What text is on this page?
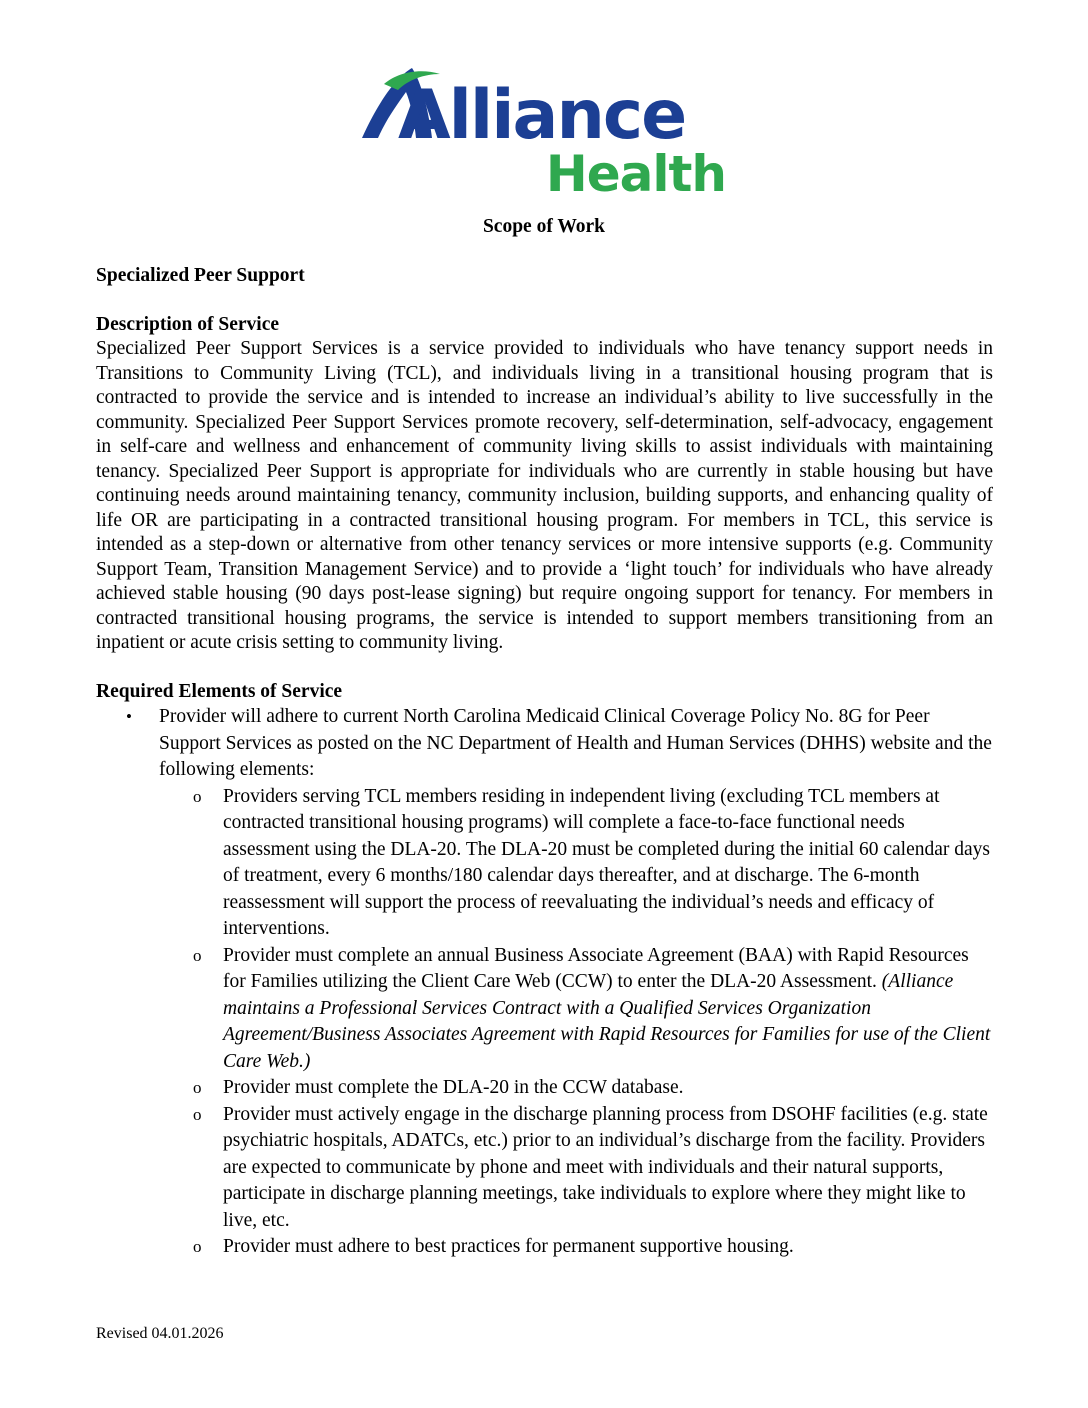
Alliance
Health
Scope of Work
Specialized Peer Support
Description of Service

Specialized Peer Support Services is a service provided to individuals who have tenancy support needs in Transitions to Community Living (TCL), and individuals living in a transitional housing program that is contracted to provide the service and is intended to increase an individual’s ability to live successfully in the community. Specialized Peer Support Services promote recovery, self-determination, self-advocacy, engagement in self-care and wellness and enhancement of community living skills to assist individuals with maintaining tenancy. Specialized Peer Support is appropriate for individuals who are currently in stable housing but have continuing needs around maintaining tenancy, community inclusion, building supports, and enhancing quality of life OR are participating in a contracted transitional housing program. For members in TCL, this service is intended as a step-down or alternative from other tenancy services or more intensive supports (e.g. Community Support Team, Transition Management Service) and to provide a ‘light touch’ for individuals who have already achieved stable housing (90 days post-lease signing) but require ongoing support for tenancy. For members in contracted transitional housing programs, the service is intended to support members transitioning from an inpatient or acute crisis setting to community living.

Required Elements of Service
•	Provider will adhere to current North Carolina Medicaid Clinical Coverage Policy No. 8G for Peer Support Services as posted on the NC Department of Health and Human Services (DHHS) website and the following elements:
o Providers serving TCL members residing in independent living (excluding TCL members at contracted transitional housing programs) will complete a face-to-face functional needs assessment using the DLA-20. The DLA-20 must be completed during the initial 60 calendar days of treatment, every 6 months/180 calendar days thereafter, and at discharge. The 6-month reassessment will support the process of reevaluating the individual’s needs and efficacy of interventions.
o Provider must complete an annual Business Associate Agreement (BAA) with Rapid Resources for Families utilizing the Client Care Web (CCW) to enter the DLA-20 Assessment. (Alliance maintains a Professional Services Contract with a Qualified Services Organization Agreement/Business Associates Agreement with Rapid Resources for Families for use of the Client Care Web.)
o Provider must complete the DLA-20 in the CCW database.
o Provider must actively engage in the discharge planning process from DSOHF facilities (e.g. state psychiatric hospitals, ADATCs, etc.) prior to an individual’s discharge from the facility. Providers are expected to communicate by phone and meet with individuals and their natural supports, participate in discharge planning meetings, take individuals to explore where they might like to live, etc.
o Provider must adhere to best practices for permanent supportive housing.
Revised 04.01.2026
